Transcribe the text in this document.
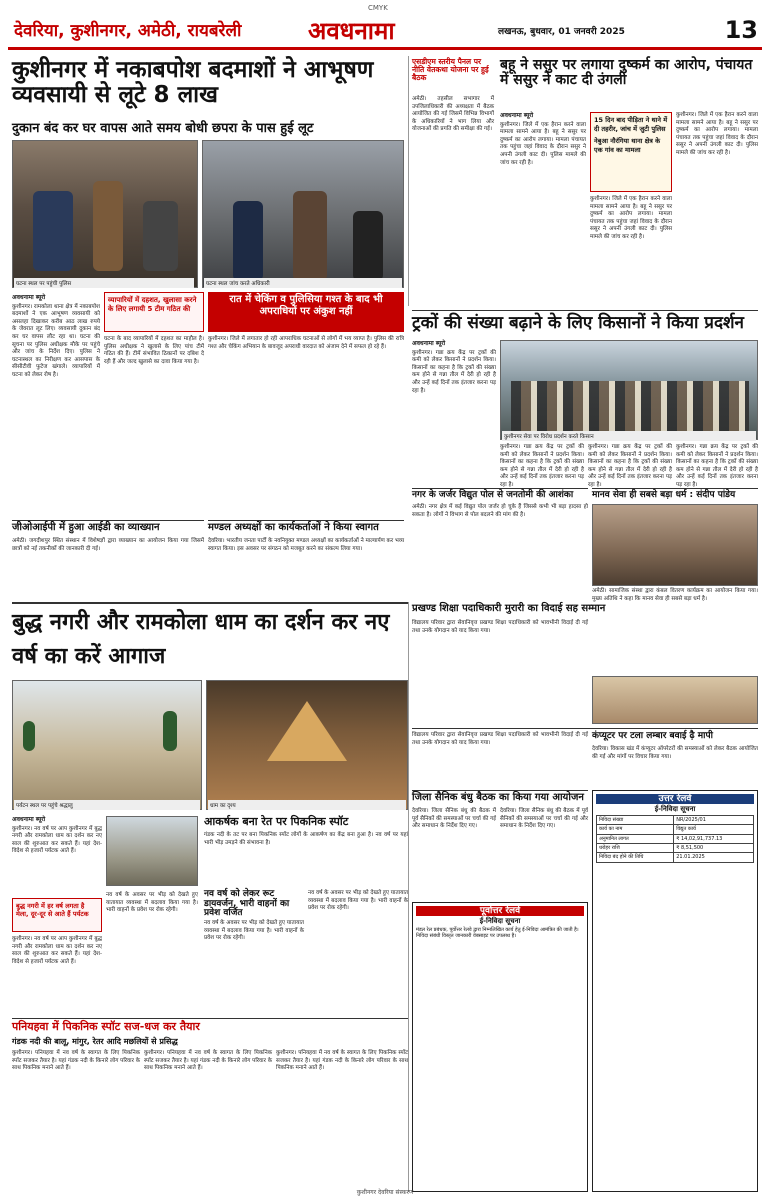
CMYK
देवरिया, कुशीनगर, अमेठी, रायबरेली	अवधनामा	लखनऊ, बुधवार, 01 जनवरी 2025	13
कुशीनगर में नकाबपोश बदमाशों ने आभूषण व्यवसायी से लूटे 8 लाख
दुकान बंद कर घर वापस आते समय बोधी छपरा के पास हुई लूट
घटना स्थल पर पहुंची पुलिस	घटना स्थल जांच करते अधिकारी
अवधनामा ब्यूरो
कुशीनगर। रामकोला थाना क्षेत्र में नकाबपोश बदमाशों ने एक आभूषण व्यवसायी को असलहा दिखाकर करीब आठ लाख रुपये के जेवरात लूट लिए। व्यवसायी दुकान बंद कर घर वापस लौट रहा था। घटना की सूचना पर पुलिस अधीक्षक मौके पर पहुंचे और जांच के निर्देश दिए। पुलिस ने घटनास्थल का निरीक्षण कर आसपास के सीसीटीवी फुटेज खंगाले। व्यापारियों में घटना को लेकर रोष है।
व्यापारियों में दहशत, खुलासा करने के लिए लगायी 5 टीम गठित की
घटना के बाद व्यापारियों में दहशत का माहौल है। पुलिस अधीक्षक ने खुलासे के लिए पांच टीमें गठित की हैं। टीमें संभावित ठिकानों पर दबिश दे रही हैं और जल्द खुलासे का दावा किया गया है।
रात में चेकिंग व पुलिसिया गश्त के बाद भी अपराधियों पर अंकुश नहीं
कुशीनगर। जिले में लगातार हो रही आपराधिक घटनाओं से लोगों में भय व्याप्त है। पुलिस की रात्रि गश्त और चेकिंग अभियान के बावजूद अपराधी वारदात को अंजाम देने में सफल हो रहे हैं।
जीओआईपी में हुआ आईडी का व्याख्यान
अमेठी। जगदीशपुर स्थित संस्थान में विशेषज्ञों द्वारा व्याख्यान का आयोजन किया गया जिसमें छात्रों को नई तकनीकों की जानकारी दी गई।
मण्डल अध्यक्षों का कार्यकर्ताओं ने किया स्वागत
देवरिया। भारतीय जनता पार्टी के नवनियुक्त मण्डल अध्यक्षों का कार्यकर्ताओं ने माल्यार्पण कर भव्य स्वागत किया। इस अवसर पर संगठन को मजबूत करने का संकल्प लिया गया।
एसडीएम स्तरीय पैनल पर नीति वेतकथा योजना पर हुई बैठक
अमेठी। तहसील सभागार में उपजिलाधिकारी की अध्यक्षता में बैठक आयोजित की गई जिसमें विभिन्न विभागों के अधिकारियों ने भाग लिया और योजनाओं की प्रगति की समीक्षा की गई।
बहू ने ससुर पर लगाया दुष्कर्म का आरोप, पंचायत में ससुर ने काट दी उंगली
अवधनामा ब्यूरो
कुशीनगर। जिले में एक हैरान करने वाला मामला सामने आया है। बहू ने ससुर पर दुष्कर्म का आरोप लगाया। मामला पंचायत तक पहुंचा जहां विवाद के दौरान ससुर ने अपनी उंगली काट दी। पुलिस मामले की जांच कर रही है।
15 दिन बाद पीड़िता ने थाने में दी तहरीर, जांच में जुटी पुलिस
नेबुआ नौरंगिया थाना क्षेत्र के एक गांव का मामला
कुशीनगर। जिले में एक हैरान करने वाला मामला सामने आया है। बहू ने ससुर पर दुष्कर्म का आरोप लगाया। मामला पंचायत तक पहुंचा जहां विवाद के दौरान ससुर ने अपनी उंगली काट दी। पुलिस मामले की जांच कर रही है।
कुशीनगर। जिले में एक हैरान करने वाला मामला सामने आया है। बहू ने ससुर पर दुष्कर्म का आरोप लगाया। मामला पंचायत तक पहुंचा जहां विवाद के दौरान ससुर ने अपनी उंगली काट दी। पुलिस मामले की जांच कर रही है।
ट्रकों की संख्या बढ़ाने के लिए किसानों ने किया प्रदर्शन
अवधनामा ब्यूरो
कुशीनगर। गन्ना क्रय केंद्र पर ट्रकों की कमी को लेकर किसानों ने प्रदर्शन किया। किसानों का कहना है कि ट्रकों की संख्या कम होने से गन्ना तौल में देरी हो रही है और उन्हें कई दिनों तक इंतजार करना पड़ रहा है।
कुशीनगर सेवा पर विरोध प्रदर्शन करते किसान
कुशीनगर। गन्ना क्रय केंद्र पर ट्रकों की कमी को लेकर किसानों ने प्रदर्शन किया। किसानों का कहना है कि ट्रकों की संख्या कम होने से गन्ना तौल में देरी हो रही है और उन्हें कई दिनों तक इंतजार करना पड़ रहा है।
कुशीनगर। गन्ना क्रय केंद्र पर ट्रकों की कमी को लेकर किसानों ने प्रदर्शन किया। किसानों का कहना है कि ट्रकों की संख्या कम होने से गन्ना तौल में देरी हो रही है और उन्हें कई दिनों तक इंतजार करना पड़ रहा है।
कुशीनगर। गन्ना क्रय केंद्र पर ट्रकों की कमी को लेकर किसानों ने प्रदर्शन किया। किसानों का कहना है कि ट्रकों की संख्या कम होने से गन्ना तौल में देरी हो रही है और उन्हें कई दिनों तक इंतजार करना पड़ रहा है।
नगर के जर्जर विद्युत पोल से जनतोमी की आशंका
अमेठी। नगर क्षेत्र में कई विद्युत पोल जर्जर हो चुके हैं जिससे कभी भी बड़ा हादसा हो सकता है। लोगों ने विभाग से पोल बदलने की मांग की है।
मानव सेवा ही सबसे बड़ा धर्म : संदीप पांडेय
अमेठी। सामाजिक संस्था द्वारा कंबल वितरण कार्यक्रम का आयोजन किया गया। मुख्य अतिथि ने कहा कि मानव सेवा ही सबसे बड़ा धर्म है।
बुद्ध नगरी और रामकोला धाम का दर्शन कर नए वर्ष का करें आगाज
पर्यटन स्थल पर पहुंचे श्रद्धालु	धाम का दृश्य
अवधनामा ब्यूरो
कुशीनगर। नव वर्ष पर आप कुशीनगर में बुद्ध नगरी और रामकोला धाम का दर्शन कर नए साल की शुरुआत कर सकते हैं। यहां देश-विदेश से हजारों पर्यटक आते हैं।
बुद्ध नगरी में हर वर्ष लगता है मेला, दूर-दूर से आते हैं पर्यटक
कुशीनगर। नव वर्ष पर आप कुशीनगर में बुद्ध नगरी और रामकोला धाम का दर्शन कर नए साल की शुरुआत कर सकते हैं। यहां देश-विदेश से हजारों पर्यटक आते हैं।
आकर्षक बना रेत पर पिकनिक स्पॉट
गंडक नदी के तट पर बना पिकनिक स्पॉट लोगों के आकर्षण का केंद्र बना हुआ है। नव वर्ष पर यहां भारी भीड़ उमड़ने की संभावना है।
नव वर्ष के अवसर पर भीड़ को देखते हुए यातायात व्यवस्था में बदलाव किया गया है। भारी वाहनों के प्रवेश पर रोक रहेगी।
नव वर्ष को लेकर रूट डायवर्जन, भारी वाहनों का प्रवेश वर्जित
नव वर्ष के अवसर पर भीड़ को देखते हुए यातायात व्यवस्था में बदलाव किया गया है। भारी वाहनों के प्रवेश पर रोक रहेगी।
नव वर्ष के अवसर पर भीड़ को देखते हुए यातायात व्यवस्था में बदलाव किया गया है। भारी वाहनों के प्रवेश पर रोक रहेगी।
पनियहवा में पिकनिक स्पॉट सज-धज कर तैयार
गंडक नदी की बालू, मांगुर, रेतर आदि मछलियों से प्रसिद्ध
कुशीनगर। पनियहवा में नव वर्ष के स्वागत के लिए पिकनिक स्पॉट सजकर तैयार है। यहां गंडक नदी के किनारे लोग परिवार के साथ पिकनिक मनाने आते हैं।
कुशीनगर। पनियहवा में नव वर्ष के स्वागत के लिए पिकनिक स्पॉट सजकर तैयार है। यहां गंडक नदी के किनारे लोग परिवार के साथ पिकनिक मनाने आते हैं।
कुशीनगर। पनियहवा में नव वर्ष के स्वागत के लिए पिकनिक स्पॉट सजकर तैयार है। यहां गंडक नदी के किनारे लोग परिवार के साथ पिकनिक मनाने आते हैं।
प्रखण्ड शिक्षा पदाधिकारी मुरारी का विदाई सह सम्मान
विद्यालय परिवार द्वारा सेवानिवृत्त प्रखण्ड शिक्षा पदाधिकारी को भावभीनी विदाई दी गई तथा उनके योगदान को याद किया गया।
कंप्यूटर पर टला लम्बार बवाई ढ़ै मापी
देवरिया। विकास खंड में कंप्यूटर ऑपरेटरों की समस्याओं को लेकर बैठक आयोजित की गई और मांगों पर विचार किया गया।
विद्यालय परिवार द्वारा सेवानिवृत्त प्रखण्ड शिक्षा पदाधिकारी को भावभीनी विदाई दी गई तथा उनके योगदान को याद किया गया।
जिला सैनिक बंधु बैठक का किया गया आयोजन
देवरिया। जिला सैनिक बंधु की बैठक में पूर्व सैनिकों की समस्याओं पर चर्चा की गई और समाधान के निर्देश दिए गए।
देवरिया। जिला सैनिक बंधु की बैठक में पूर्व सैनिकों की समस्याओं पर चर्चा की गई और समाधान के निर्देश दिए गए।
पूर्वोत्तर रेलवे
ई-निविदा सूचना
मंडल रेल प्रबंधक, पूर्वोत्तर रेलवे द्वारा निम्नलिखित कार्य हेतु ई-निविदा आमंत्रित की जाती है। निविदा संबंधी विस्तृत जानकारी वेबसाइट पर उपलब्ध है।
उत्तर रेलवे
ई-निविदा सूचना
निविदा संख्या	NR/2025/01
कार्य का नाम	विद्युत कार्य
अनुमानित लागत	₹ 14,02,91,737.13
धरोहर राशि	₹ 8,51,500
निविदा बंद होने की तिथि	21.01.2025
कुशीनगर देवरिया संस्करण
